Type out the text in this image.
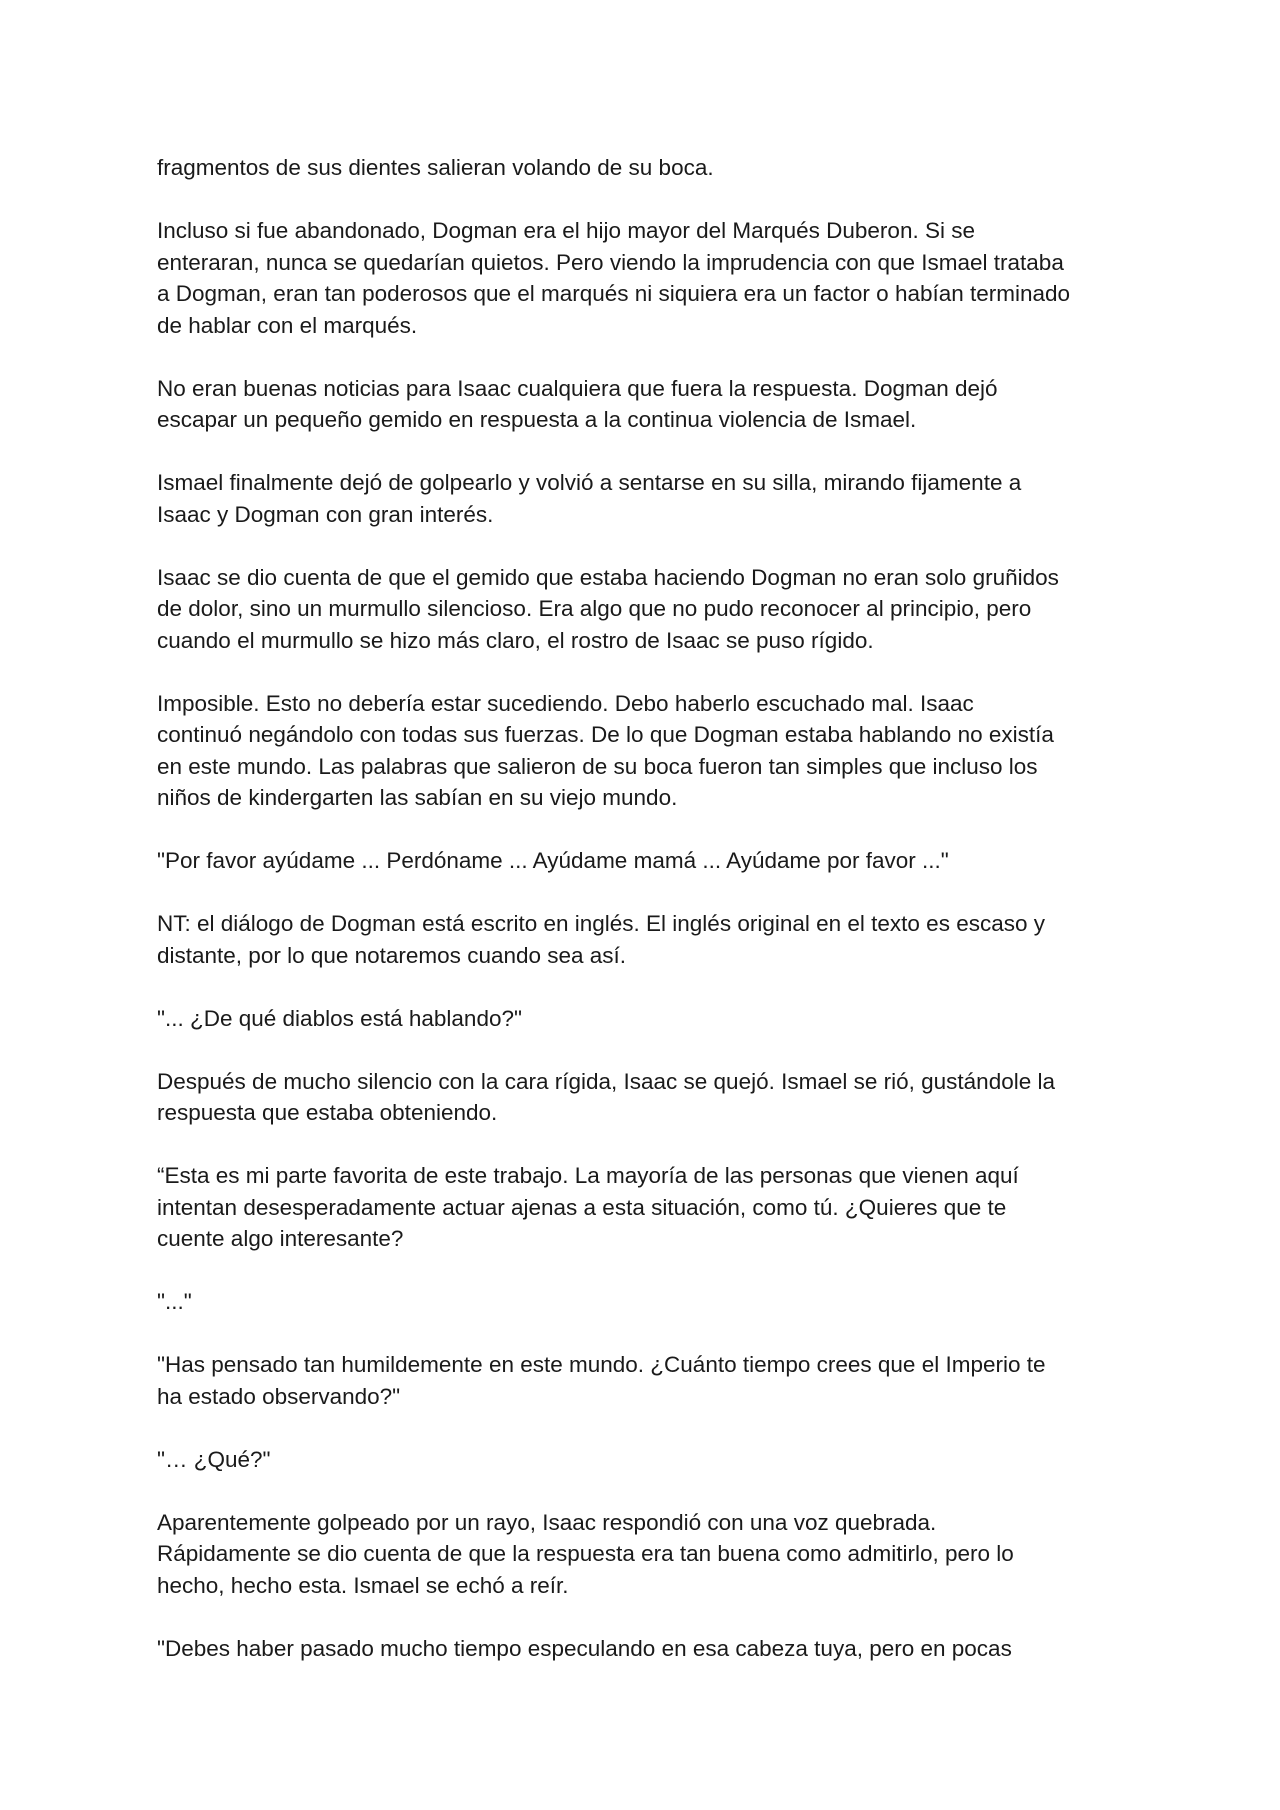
fragmentos de sus dientes salieran volando de su boca.

Incluso si fue abandonado, Dogman era el hijo mayor del Marqués Duberon. Si se
enteraran, nunca se quedarían quietos. Pero viendo la imprudencia con que Ismael trataba
a Dogman, eran tan poderosos que el marqués ni siquiera era un factor o habían terminado
de hablar con el marqués.

No eran buenas noticias para Isaac cualquiera que fuera la respuesta. Dogman dejó
escapar un pequeño gemido en respuesta a la continua violencia de Ismael.

Ismael finalmente dejó de golpearlo y volvió a sentarse en su silla, mirando fijamente a
Isaac y Dogman con gran interés.

Isaac se dio cuenta de que el gemido que estaba haciendo Dogman no eran solo gruñidos
de dolor, sino un murmullo silencioso. Era algo que no pudo reconocer al principio, pero
cuando el murmullo se hizo más claro, el rostro de Isaac se puso rígido.

Imposible. Esto no debería estar sucediendo. Debo haberlo escuchado mal. Isaac
continuó negándolo con todas sus fuerzas. De lo que Dogman estaba hablando no existía
en este mundo. Las palabras que salieron de su boca fueron tan simples que incluso los
niños de kindergarten las sabían en su viejo mundo.

"Por favor ayúdame ... Perdóname ... Ayúdame mamá ... Ayúdame por favor ..."

NT: el diálogo de Dogman está escrito en inglés. El inglés original en el texto es escaso y
distante, por lo que notaremos cuando sea así.

"... ¿De qué diablos está hablando?"

Después de mucho silencio con la cara rígida, Isaac se quejó. Ismael se rió, gustándole la
respuesta que estaba obteniendo.

“Esta es mi parte favorita de este trabajo. La mayoría de las personas que vienen aquí
intentan desesperadamente actuar ajenas a esta situación, como tú. ¿Quieres que te
cuente algo interesante?

"..."

"Has pensado tan humildemente en este mundo. ¿Cuánto tiempo crees que el Imperio te
ha estado observando?"

"… ¿Qué?"

Aparentemente golpeado por un rayo, Isaac respondió con una voz quebrada.
Rápidamente se dio cuenta de que la respuesta era tan buena como admitirlo, pero lo
hecho, hecho esta. Ismael se echó a reír.

"Debes haber pasado mucho tiempo especulando en esa cabeza tuya, pero en pocas
